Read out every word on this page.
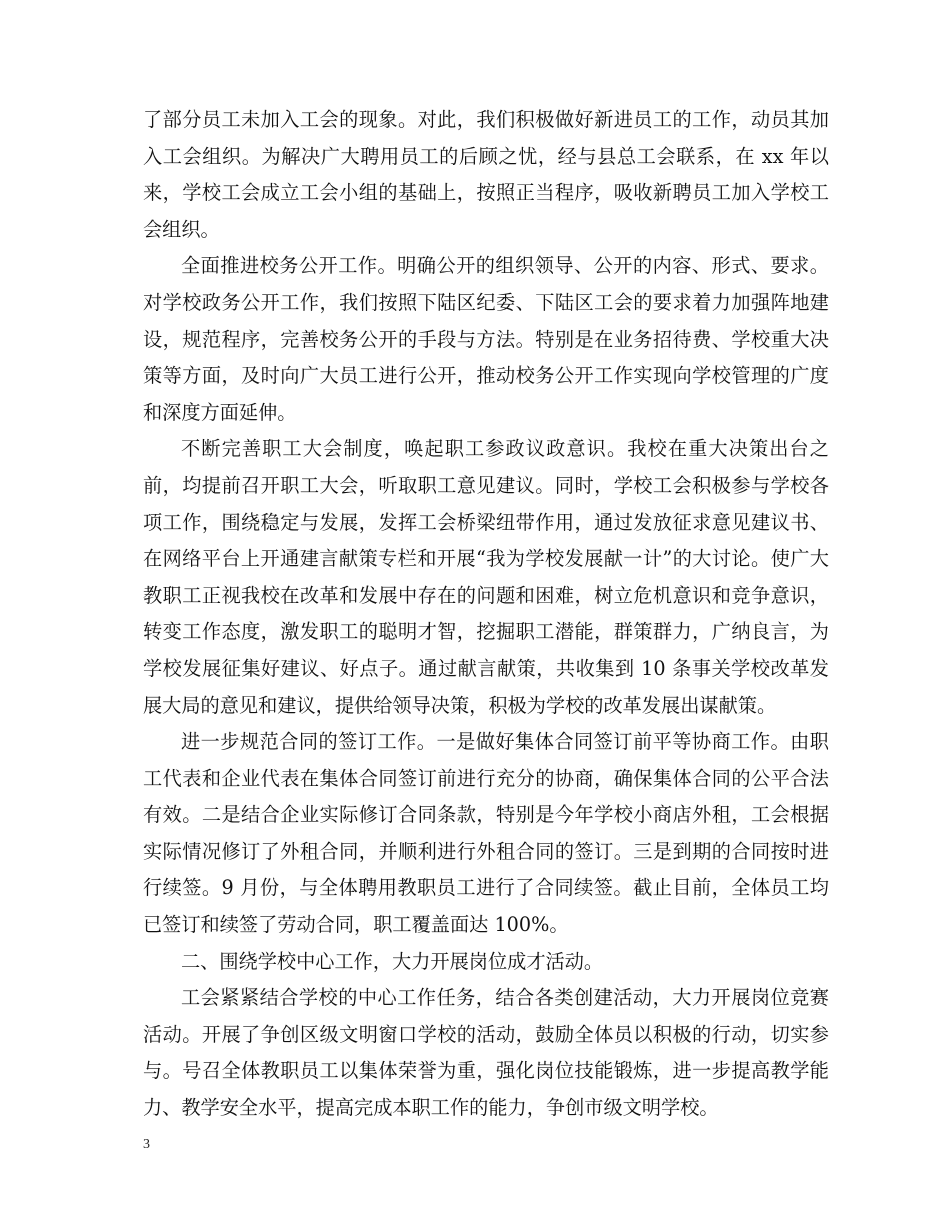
了部分员工未加入工会的现象。对此，我们积极做好新进员工的工作，动员其加入工会组织。为解决广大聘用员工的后顾之忧，经与县总工会联系，在 xx 年以来，学校工会成立工会小组的基础上，按照正当程序，吸收新聘员工加入学校工会组织。

全面推进校务公开工作。明确公开的组织领导、公开的内容、形式、要求。对学校政务公开工作，我们按照下陆区纪委、下陆区工会的要求着力加强阵地建设，规范程序，完善校务公开的手段与方法。特别是在业务招待费、学校重大决策等方面，及时向广大员工进行公开，推动校务公开工作实现向学校管理的广度和深度方面延伸。

不断完善职工大会制度，唤起职工参政议政意识。我校在重大决策出台之前，均提前召开职工大会，听取职工意见建议。同时，学校工会积极参与学校各项工作，围绕稳定与发展，发挥工会桥梁纽带作用，通过发放征求意见建议书、在网络平台上开通建言献策专栏和开展“我为学校发展献一计”的大讨论。使广大教职工正视我校在改革和发展中存在的问题和困难，树立危机意识和竞争意识，转变工作态度，激发职工的聪明才智，挖掘职工潜能，群策群力，广纳良言，为学校发展征集好建议、好点子。通过献言献策，共收集到 10 条事关学校改革发展大局的意见和建议，提供给领导决策，积极为学校的改革发展出谋献策。

进一步规范合同的签订工作。一是做好集体合同签订前平等协商工作。由职工代表和企业代表在集体合同签订前进行充分的协商，确保集体合同的公平合法有效。二是结合企业实际修订合同条款，特别是今年学校小商店外租，工会根据实际情况修订了外租合同，并顺利进行外租合同的签订。三是到期的合同按时进行续签。9 月份，与全体聘用教职员工进行了合同续签。截止目前，全体员工均已签订和续签了劳动合同，职工覆盖面达 100%。

二、围绕学校中心工作，大力开展岗位成才活动。

工会紧紧结合学校的中心工作任务，结合各类创建活动，大力开展岗位竞赛活动。开展了争创区级文明窗口学校的活动，鼓励全体员以积极的行动，切实参与。号召全体教职员工以集体荣誉为重，强化岗位技能锻炼，进一步提高教学能力、教学安全水平，提高完成本职工作的能力，争创市级文明学校。

3
